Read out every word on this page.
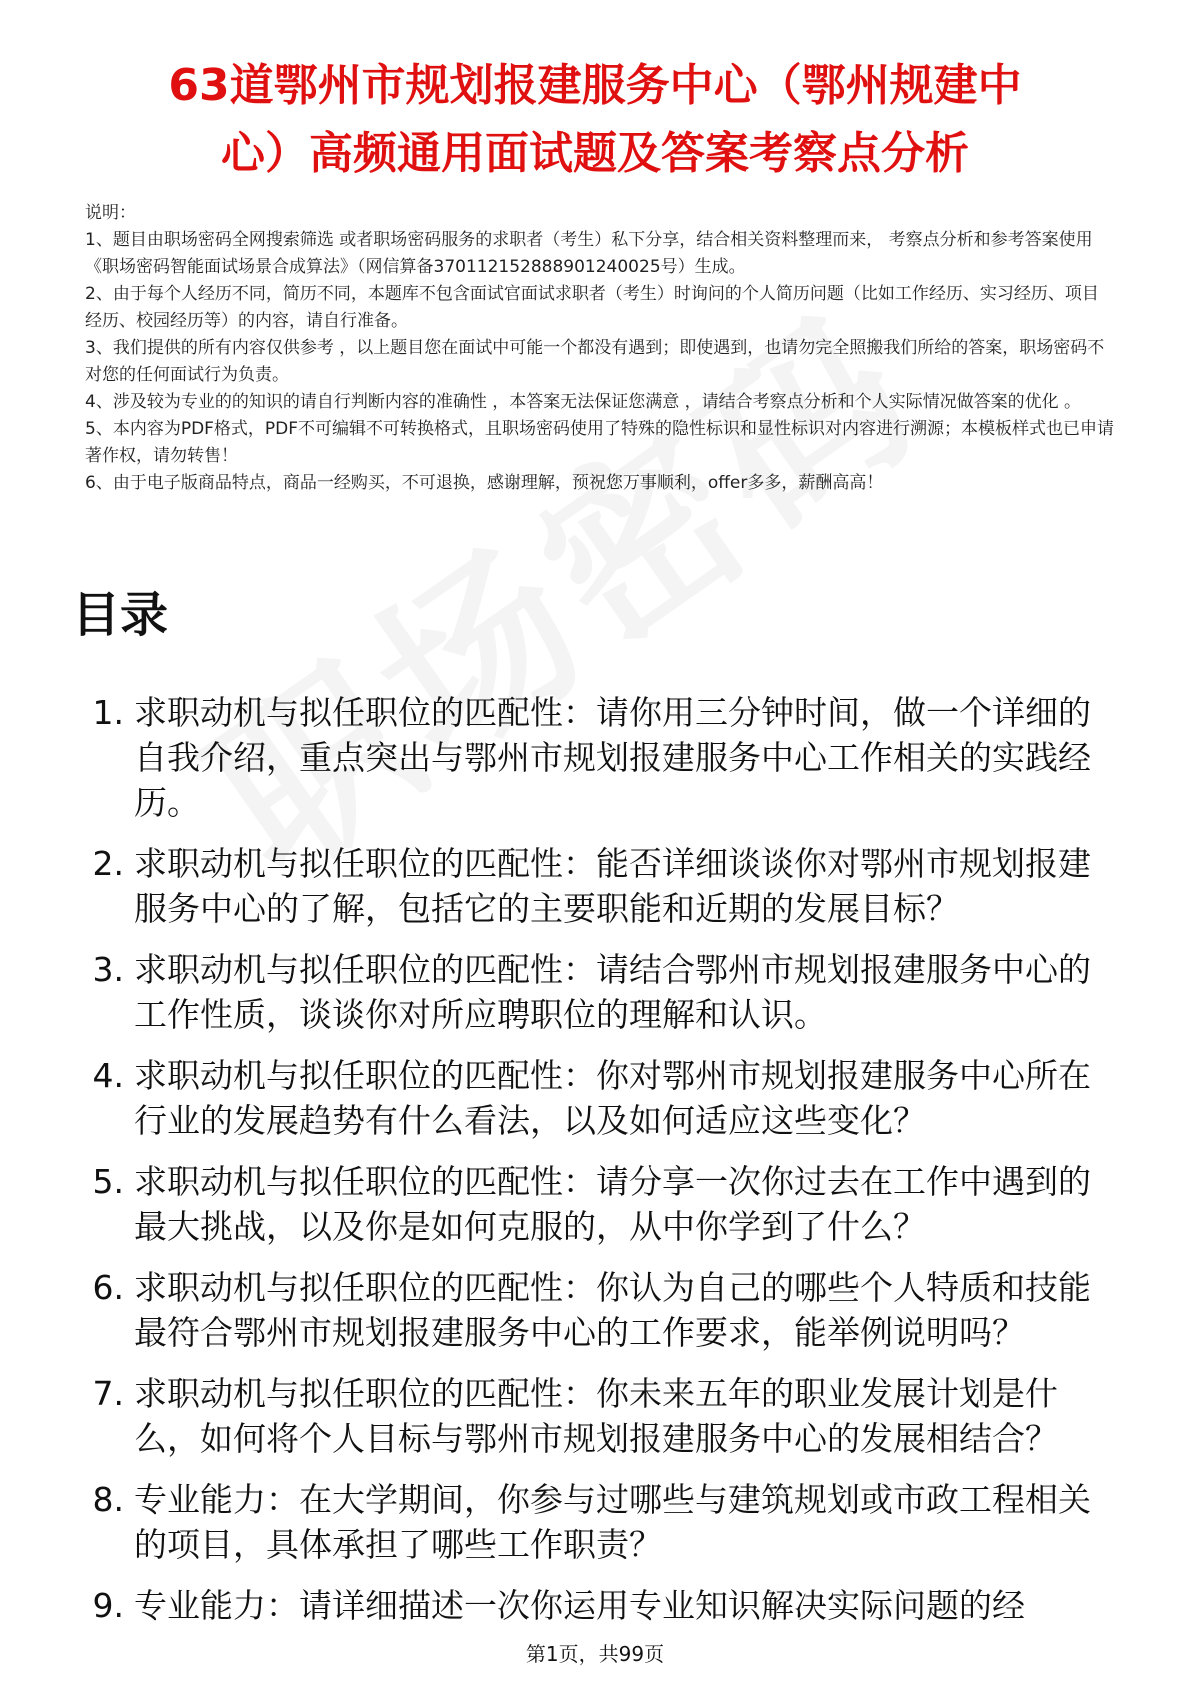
63道鄂州市规划报建服务中心（鄂州规建中
心）高频通用面试题及答案考察点分析
说明：
1、题目由职场密码全网搜索筛选 或者职场密码服务的求职者（考生）私下分享，结合相关资料整理而来， 考察点分析和参考答案使用《职场密码智能面试场景合成算法》（网信算备370112152888901240025号）生成。
2、由于每个人经历不同，简历不同，本题库不包含面试官面试求职者（考生）时询问的个人简历问题（比如工作经历、实习经历、项目经历、校园经历等）的内容，请自行准备。
3、我们提供的所有内容仅供参考 ，以上题目您在面试中可能一个都没有遇到；即使遇到，也请勿完全照搬我们所给的答案，职场密码不对您的任何面试行为负责。
4、涉及较为专业的的知识的请自行判断内容的准确性 ，本答案无法保证您满意 ，请结合考察点分析和个人实际情况做答案的优化 。
5、本内容为PDF格式，PDF不可编辑不可转换格式，且职场密码使用了特殊的隐性标识和显性标识对内容进行溯源；本模板样式也已申请著作权，请勿转售！
6、由于电子版商品特点，商品一经购买，不可退换，感谢理解，预祝您万事顺利，offer多多，薪酬高高！
目录
1. 求职动机与拟任职位的匹配性：请你用三分钟时间，做一个详细的自我介绍，重点突出与鄂州市规划报建服务中心工作相关的实践经历。
2. 求职动机与拟任职位的匹配性：能否详细谈谈你对鄂州市规划报建服务中心的了解，包括它的主要职能和近期的发展目标？
3. 求职动机与拟任职位的匹配性：请结合鄂州市规划报建服务中心的工作性质，谈谈你对所应聘职位的理解和认识。
4. 求职动机与拟任职位的匹配性：你对鄂州市规划报建服务中心所在行业的发展趋势有什么看法，以及如何适应这些变化？
5. 求职动机与拟任职位的匹配性：请分享一次你过去在工作中遇到的最大挑战，以及你是如何克服的，从中你学到了什么？
6. 求职动机与拟任职位的匹配性：你认为自己的哪些个人特质和技能最符合鄂州市规划报建服务中心的工作要求，能举例说明吗？
7. 求职动机与拟任职位的匹配性：你未来五年的职业发展计划是什么，如何将个人目标与鄂州市规划报建服务中心的发展相结合？
8. 专业能力：在大学期间，你参与过哪些与建筑规划或市政工程相关的项目，具体承担了哪些工作职责？
9. 专业能力：请详细描述一次你运用专业知识解决实际问题的经
第1页，共99页
